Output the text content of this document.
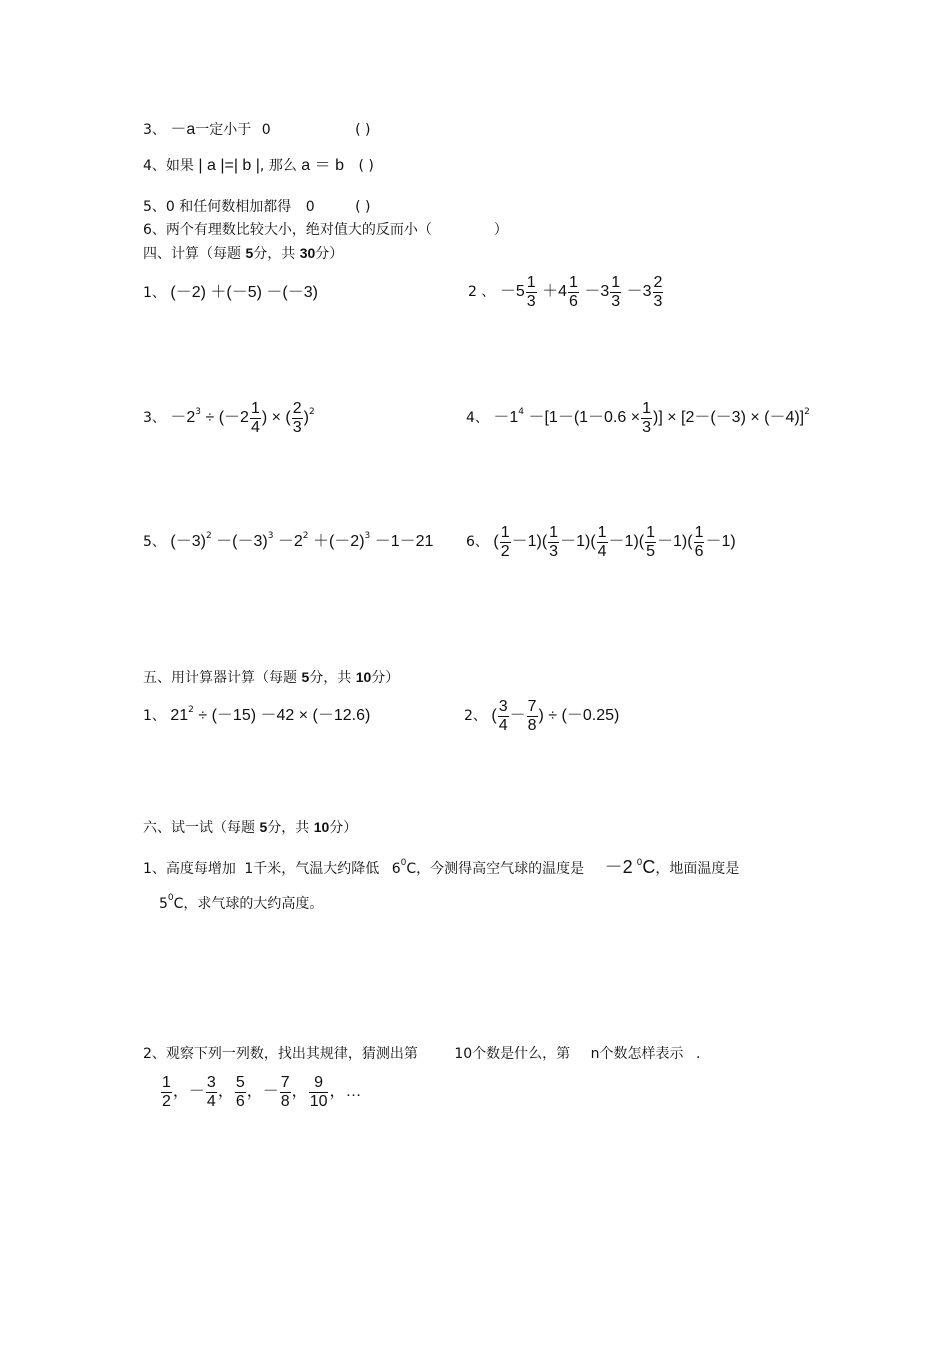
3、 －a一定小于 0	( )
4、如果 | a |=| b |, 那么 a ＝ b ( )
5、0 和任何数相加都得 0	( )
6、两个有理数比较大小，绝对值大的反而小（	）
四、计算（每题 5分，共 30分）
1、 (－2) ＋(－5) －(－3)	2 、 $-5 \frac{1}{3} +4 \frac{1}{6} -3 \frac{1}{3} -3 \frac{2}{3}$
3、 $-2^3 \div (-2 \frac{1}{4}$ ) × ( $\frac{2}{3} )^2$	4、 $-1^4 -[1-(1-0.6 \times \frac{1}{3}$ )] × $[2-(-3) \times (-4)]^2$
5、 $(-3)^2 -(-3)^3 -2^2 +(-2)^3 -1-21$ 6、 ( $\frac{1}{2} -1)( \frac{1}{3} -1)( \frac{1}{4} -1)( \frac{1}{5} -1)( \frac{1}{6} -1)$
五、用计算器计算（每题 5分，共 10分）
1、 $21^2 \div (-15) -42 \times (-12.6)$	2、 ( $\frac{3}{4} - \frac{7}{8}$ ) ÷ (－0.25)
六、试一试（每题 5分，共 10分）
1、高度每增加 1千米，气温大约降低 $6^0C$，今测得高空气球的温度是 －2 $^0$C，地面温度是
$5^0C$，求气球的大约高度。
2、观察下列一列数，找出其规律，猜测出第	10个数是什么，第 n个数怎样表示 .
$\frac{1}{2}$ ，－ $\frac{3}{4}$ ， $\frac{5}{6}$ ，－ $\frac{7}{8}$ ， $\frac{9}{10}$ ，…
